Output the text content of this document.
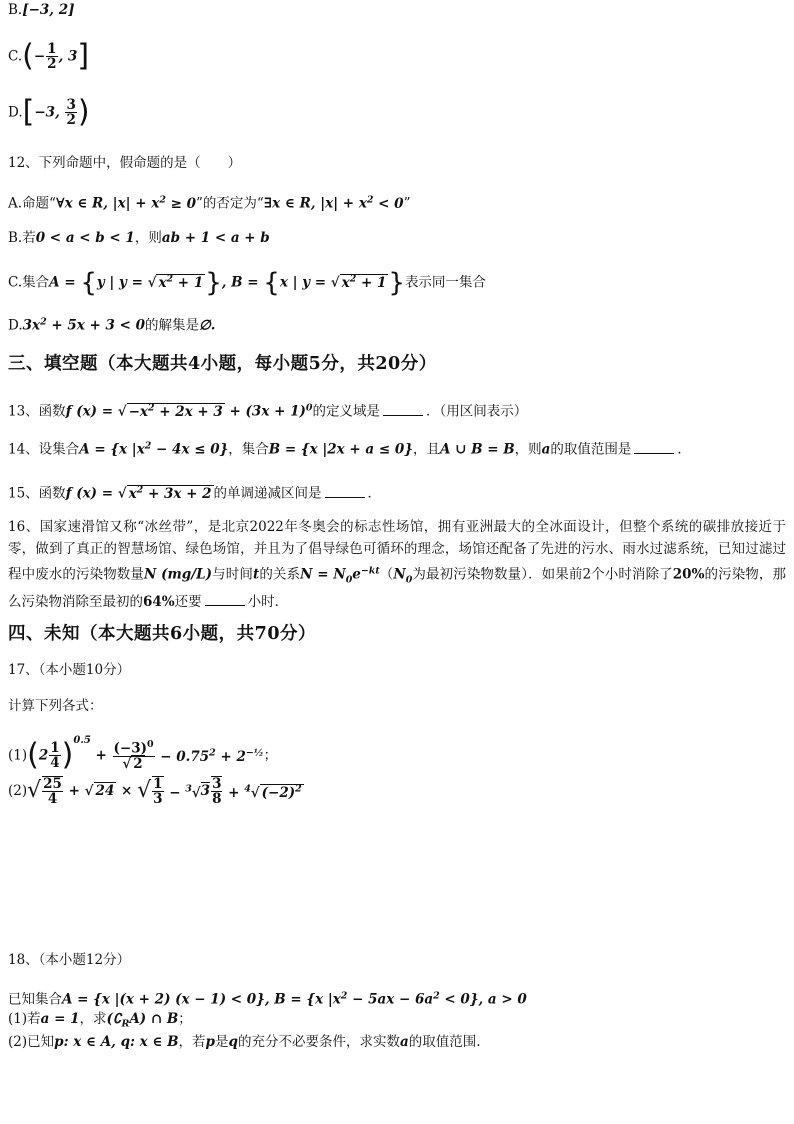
B.[−3, 2]
$C.(- \frac{1}{2}$ , 3]
D.[−3, $\frac{3}{2}$ )
12、下列命题中，假命题的是（　　）
A.命题“∀x ∈ R, $|x| + x^2 \ge 0$”的否定为“∃x ∈ R, $|x| + x^2 < 0$”
B.若0 < a < b < 1，则ab + 1 < a + b
C.集合A = {y | y = √ $x^2 + 1$}, B = {x | y = √ $x^2 + 1$}表示同一集合
$D.3x^2 + 5x + 3 < 0$的解集是∅.
三、填空题（本大题共4小题，每小题5分，共20分）
13、函数f (x) = √ $-x^2 + 2x + 3 + (3x + 1)^0$的定义域是	．（用区间表示）
14、设集合A = {x $|x^2 - 4x \le 0$}，集合B = {x |2x + a ≤ 0}，且A ∪ B = B，则a的取值范围是	．
15、函数f (x) = √ $x^2 + 3x + 2$ 的单调递减区间是	．
16、国家速滑馆又称“冰丝带”，是北京2022年冬奥会的标志性场馆，拥有亚洲最大的全冰面设计，但整个系统的碳排放接近于零，做到了真正的智慧场馆、绿色场馆，并且为了倡导绿色可循环的理念，场馆还配备了先进的污水、雨水过滤系统，已知过滤过程中废水的污染物数量N (mg/L)与时间t的关系$N = N_0e^{-kt}(N_0$为最初污染物数量）．如果前2个小时消除了20%的污染物，那么污染物消除至最初的64%还要	小时．
四、未知（本大题共6小题，共70分）
17、（本小题10分）
计算下列各式：
$(1)(2 \frac{1}{4} )^{0.5} + \frac{(-3)^0}{√ 2} - 0.75^2 + 2^{-\frac{1}{2}}$；
$(2)√ \frac{25}{4}$ + √ 24 × √ $\frac{1}{3} - ^3√3 \frac{3}{8} + ^4√$ $(-2)^2$
18、（本小题12分）
已知集合A = {x |(x + 2) (x − 1) < 0}, B = {x $|x^2 - 5ax - 6a^2 < 0$}, a > 0
(1)若a = 1，求$(∁_RA)$ ∩ B；
(2)已知p: x ∈ A, q: x ∈ B，若p是q的充分不必要条件，求实数a的取值范围.
